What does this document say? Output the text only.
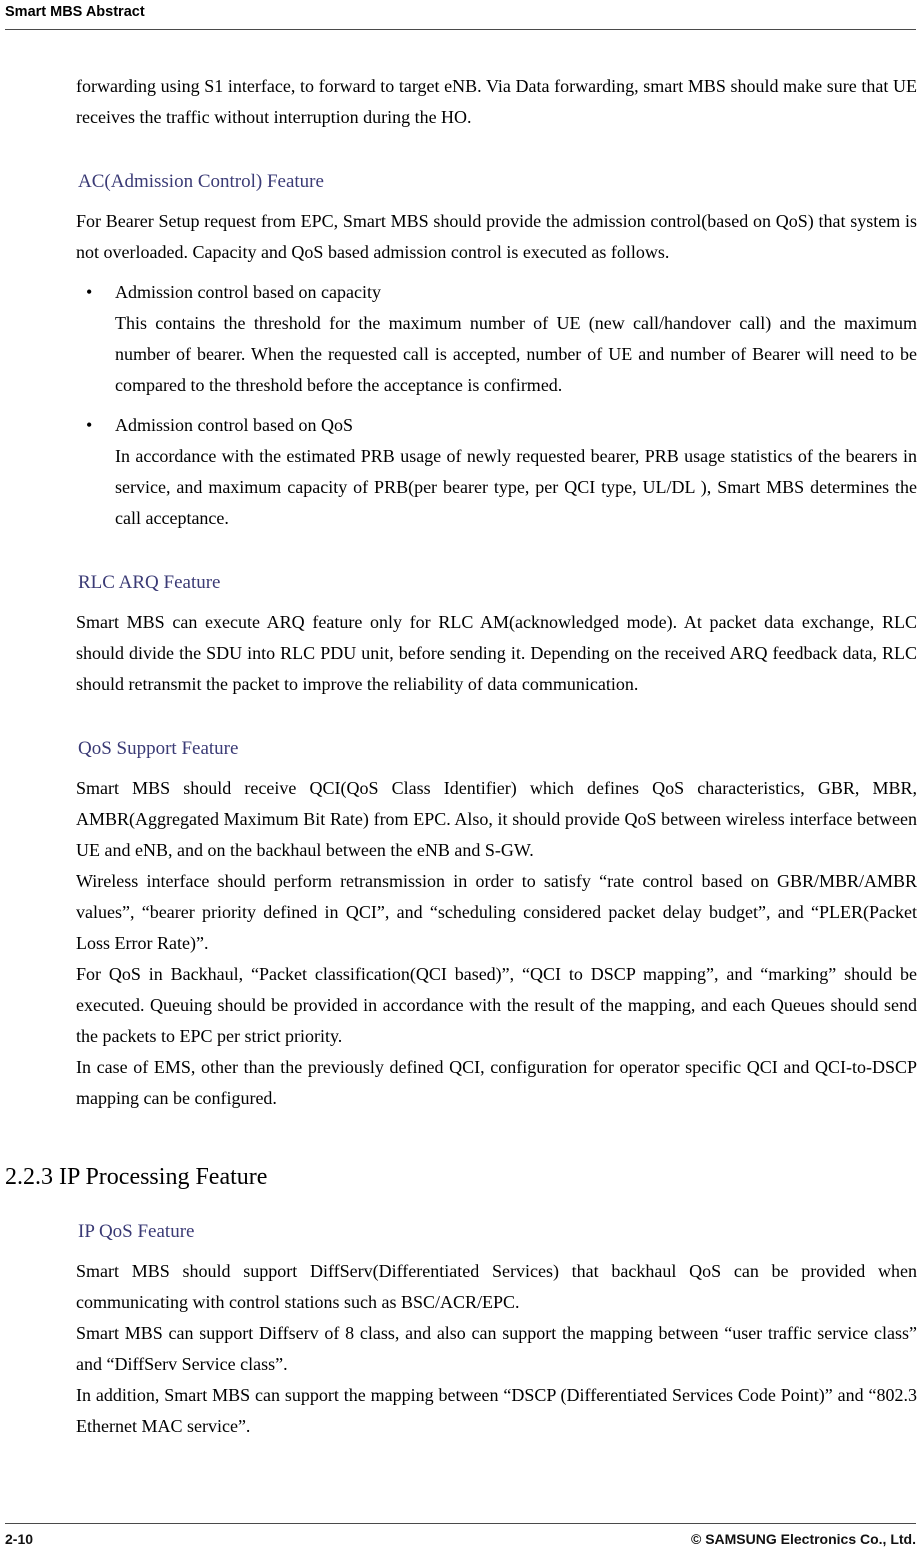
Smart MBS Abstract

forwarding using S1 interface, to forward to target eNB. Via Data forwarding, smart MBS should make sure that UE receives the traffic without interruption during the HO.

AC(Admission Control) Feature

For Bearer Setup request from EPC, Smart MBS should provide the admission control(based on QoS) that system is not overloaded. Capacity and QoS based admission control is executed as follows.

•	Admission control based on capacity
This contains the threshold for the maximum number of UE (new call/handover call) and the maximum number of bearer. When the requested call is accepted, number of UE and number of Bearer will need to be compared to the threshold before the acceptance is confirmed.
•	Admission control based on QoS
In accordance with the estimated PRB usage of newly requested bearer, PRB usage statistics of the bearers in service, and maximum capacity of PRB(per bearer type, per QCI type, UL/DL ), Smart MBS determines the call acceptance.
RLC ARQ Feature

Smart MBS can execute ARQ feature only for RLC AM(acknowledged mode). At packet data exchange, RLC should divide the SDU into RLC PDU unit, before sending it. Depending on the received ARQ feedback data, RLC should retransmit the packet to improve the reliability of data communication.

QoS Support Feature

Smart MBS should receive QCI(QoS Class Identifier) which defines QoS characteristics, GBR, MBR, AMBR(Aggregated Maximum Bit Rate) from EPC. Also, it should provide QoS between wireless interface between UE and eNB, and on the backhaul between the eNB and S-GW.

Wireless interface should perform retransmission in order to satisfy “rate control based on GBR/MBR/AMBR values”, “bearer priority defined in QCI”, and “scheduling considered packet delay budget”, and “PLER(Packet Loss Error Rate)”.

For QoS in Backhaul, “Packet classification(QCI based)”, “QCI to DSCP mapping”, and “marking” should be executed. Queuing should be provided in accordance with the result of the mapping, and each Queues should send the packets to EPC per strict priority.

In case of EMS, other than the previously defined QCI, configuration for operator specific QCI and QCI-to-DSCP mapping can be configured.

2.2.3 IP Processing Feature
IP QoS Feature

Smart MBS should support DiffServ(Differentiated Services) that backhaul QoS can be provided when communicating with control stations such as BSC/ACR/EPC.

Smart MBS can support Diffserv of 8 class, and also can support the mapping between “user traffic service class” and “DiffServ Service class”.

In addition, Smart MBS can support the mapping between “DSCP (Differentiated Services Code Point)” and “802.3 Ethernet MAC service”.

2-10	© SAMSUNG Electronics Co., Ltd.
